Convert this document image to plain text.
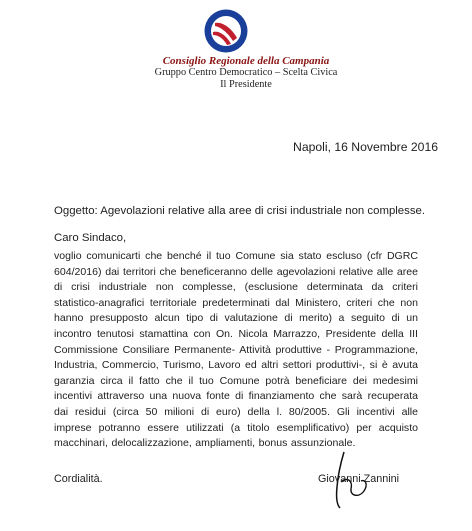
Consiglio Regionale della Campania
Gruppo Centro Democratico – Scelta Civica
Il Presidente
Napoli, 16 Novembre 2016
Oggetto: Agevolazioni relative alla aree di crisi industriale non complesse.
Caro Sindaco,
voglio comunicarti che benché il tuo Comune sia stato escluso (cfr DGRC 604/2016) dai territori che beneficeranno delle agevolazioni relative alle aree di crisi industriale non complesse, (esclusione determinata da criteri statistico-anagrafici territoriale predeterminati dal Ministero, criteri che non hanno presupposto alcun tipo di valutazione di merito) a seguito di un incontro tenutosi stamattina con On. Nicola Marrazzo, Presidente della III Commissione Consiliare Permanente- Attività produttive - Programmazione, Industria, Commercio, Turismo, Lavoro ed altri settori produttivi-, si è avuta garanzia circa il fatto che il tuo Comune potrà beneficiare dei medesimi incentivi attraverso una nuova fonte di finanziamento che sarà recuperata dai residui (circa 50 milioni di euro) della l. 80/2005. Gli incentivi alle imprese potranno essere utilizzati (a titolo esemplificativo) per acquisto macchinari, delocalizzazione, ampliamenti, bonus assunzionale.
Cordialità.	Giovanni Zannini
